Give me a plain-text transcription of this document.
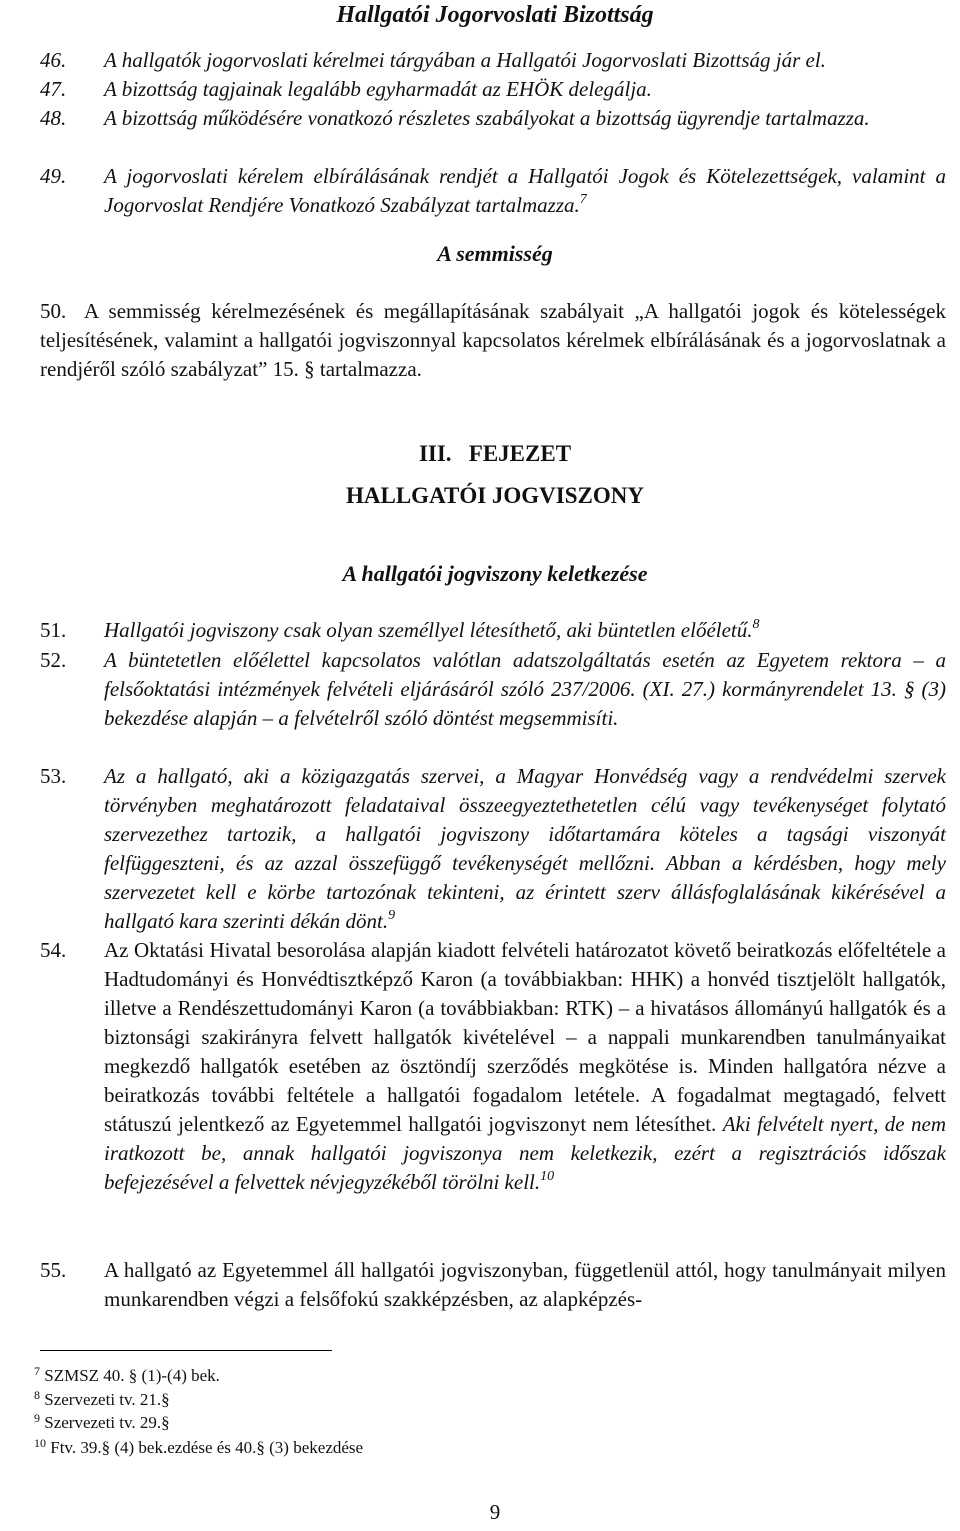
Hallgatói Jogorvoslati Bizottság
46. A hallgatók jogorvoslati kérelmei tárgyában a Hallgatói Jogorvoslati Bizottság jár el.
47. A bizottság tagjainak legalább egyharmadát az EHÖK delegálja.
48. A bizottság működésére vonatkozó részletes szabályokat a bizottság ügyrendje tartalmazza.
49. A jogorvoslati kérelem elbírálásának rendjét a Hallgatói Jogok és Kötelezettségek, valamint a Jogorvoslat Rendjére Vonatkozó Szabályzat tartalmazza.$^7$
A semmisség
50. A semmisség kérelmezésének és megállapításának szabályait „A hallgatói jogok és kötelességek teljesítésének, valamint a hallgatói jogviszonnyal kapcsolatos kérelmek elbírálásának és a jogorvoslatnak a rendjéről szóló szabályzat” 15. § tartalmazza.
III. FEJEZET
HALLGATÓI JOGVISZONY
A hallgatói jogviszony keletkezése
51. Hallgatói jogviszony csak olyan személlyel létesíthető, aki büntetlen előéletű.$^8$
52. A büntetetlen előélettel kapcsolatos valótlan adatszolgáltatás esetén az Egyetem rektora – a felsőoktatási intézmények felvételi eljárásáról szóló 237/2006. (XI. 27.) kormányrendelet 13. § (3) bekezdése alapján – a felvételről szóló döntést megsemmisíti.
53. Az a hallgató, aki a közigazgatás szervei, a Magyar Honvédség vagy a rendvédelmi szervek törvényben meghatározott feladataival összeegyeztethetetlen célú vagy tevékenységet folytató szervezethez tartozik, a hallgatói jogviszony időtartamára köteles a tagsági viszonyát felfüggeszteni, és az azzal összefüggő tevékenységét mellőzni. Abban a kérdésben, hogy mely szervezetet kell e körbe tartozónak tekinteni, az érintett szerv állásfoglalásának kikérésével a hallgató kara szerinti dékán dönt.$^9$
54. Az Oktatási Hivatal besorolása alapján kiadott felvételi határozatot követő beiratkozás előfeltétele a Hadtudományi és Honvédtisztképző Karon (a továbbiakban: HHK) a honvéd tisztjelölt hallgatók, illetve a Rendészettudományi Karon (a továbbiakban: RTK) – a hivatásos állományú hallgatók és a biztonsági szakirányra felvett hallgatók kivételével – a nappali munkarendben tanulmányaikat megkezdő hallgatók esetében az ösztöndíj szerződés megkötése is. Minden hallgatóra nézve a beiratkozás további feltétele a hallgatói fogadalom letétele. A fogadalmat megtagadó, felvett státuszú jelentkező az Egyetemmel hallgatói jogviszonyt nem létesíthet. Aki felvételt nyert, de nem iratkozott be, annak hallgatói jogviszonya nem keletkezik, ezért a regisztrációs időszak befejezésével a felvettek névjegyzékéből törölni kell.$^{10}$
55. A hallgató az Egyetemmel áll hallgatói jogviszonyban, függetlenül attól, hogy tanulmányait milyen munkarendben végzi a felsőfokú szakképzésben, az alapképzés-
$^7$ SZMSZ 40. § (1)-(4) bek.
$^8$ Szervezeti tv. 21.§
$^9$ Szervezeti tv. 29.§
$^{10}$ Ftv. 39.§ (4) bek.ezdése és 40.§ (3) bekezdése
9
